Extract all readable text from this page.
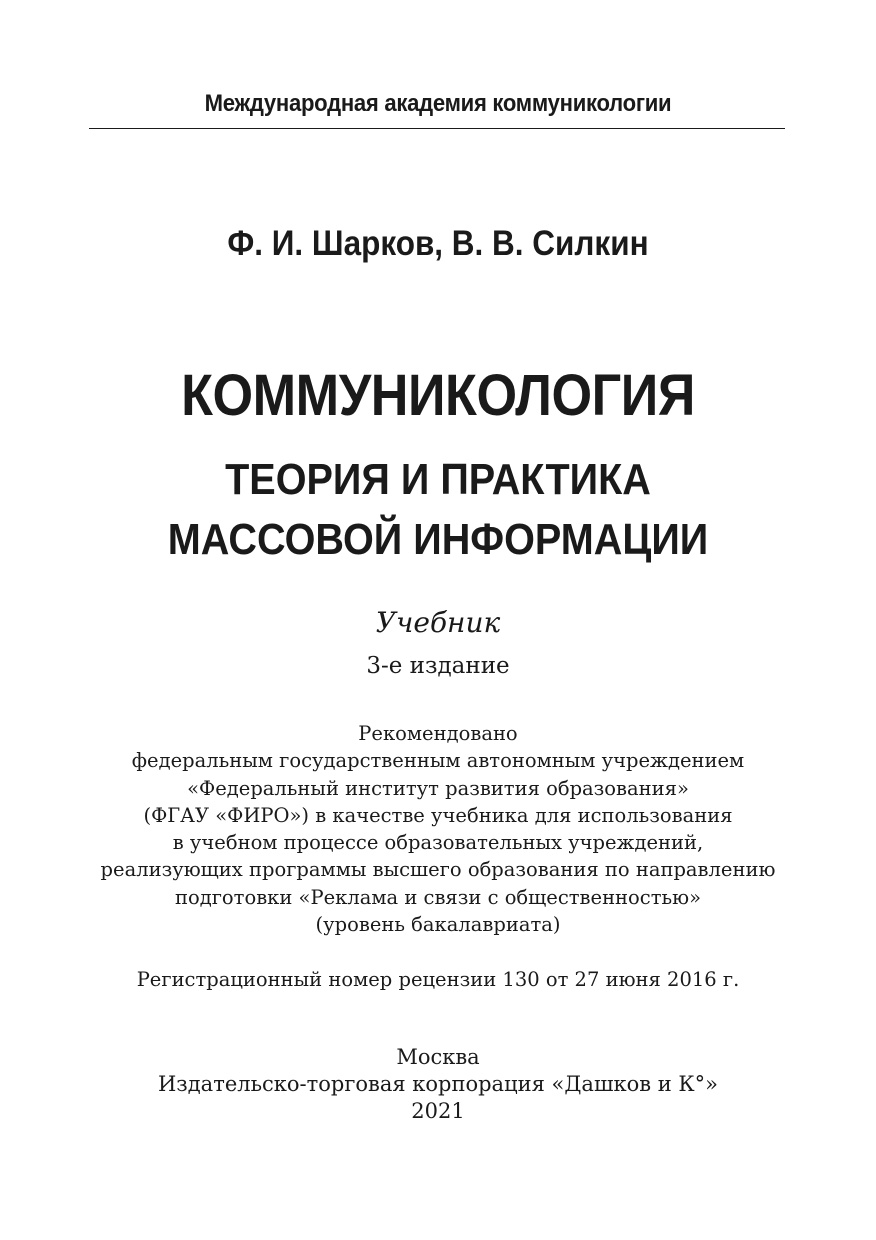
Международная академия коммуникологии
Ф. И. Шарков, В. В. Силкин
КОММУНИКОЛОГИЯ
ТЕОРИЯ И ПРАКТИКА
МАССОВОЙ ИНФОРМАЦИИ
Учебник
3-е издание
Рекомендовано
федеральным государственным автономным учреждением
«Федеральный институт развития образования»
(ФГАУ «ФИРО») в качестве учебника для использования
в учебном процессе образовательных учреждений,
реализующих программы высшего образования по направлению
подготовки «Реклама и связи с общественностью»
(уровень бакалавриата)
Регистрационный номер рецензии 130 от 27 июня 2016 г.
Москва
Издательско-торговая корпорация «Дашков и К°»
2021
